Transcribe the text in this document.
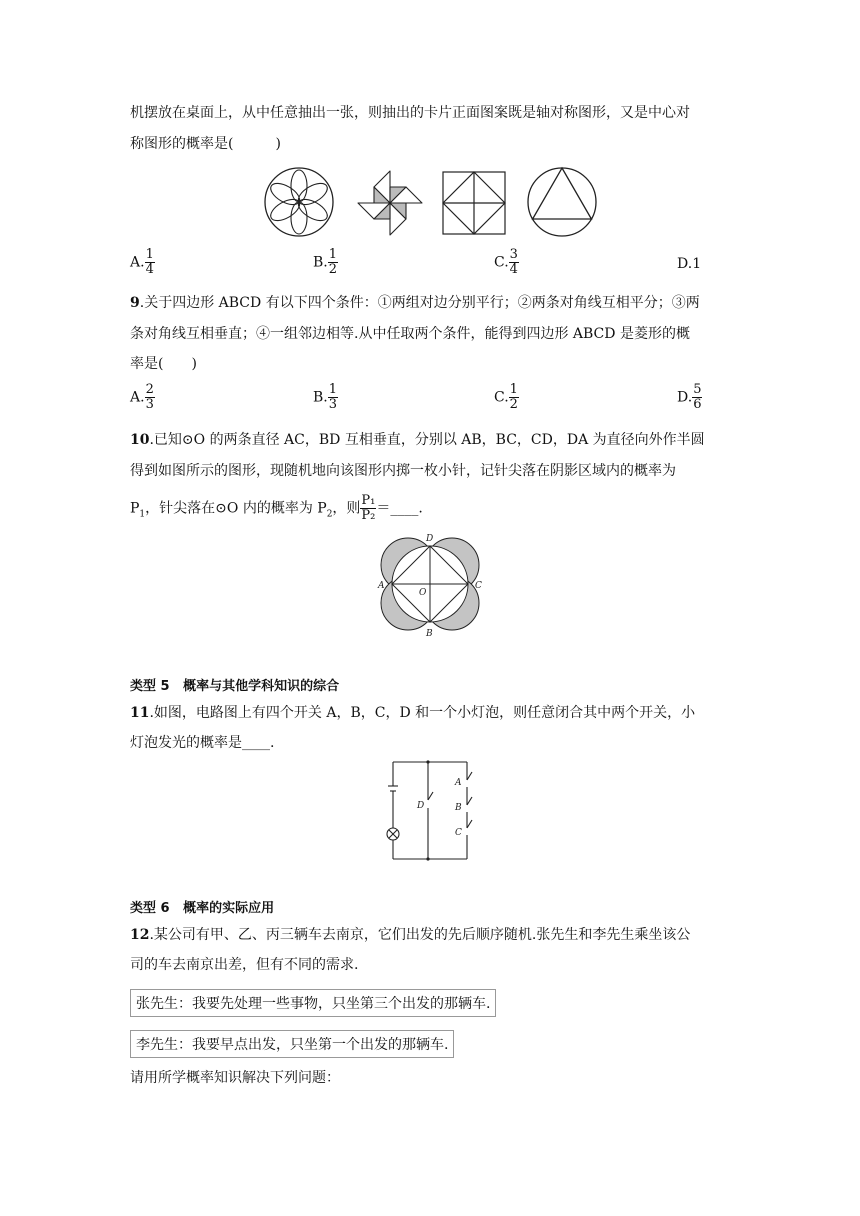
机摆放在桌面上，从中任意抽出一张，则抽出的卡片正面图案既是轴对称图形，又是中心对
称图形的概率是(　　　)
A. $\frac{1}{4}$	B. $\frac{1}{2}$	C. $\frac{3}{4}$	D.1
9.关于四边形 ABCD 有以下四个条件：①两组对边分别平行；②两条对角线互相平分；③两
条对角线互相垂直；④一组邻边相等.从中任取两个条件，能得到四边形 ABCD 是菱形的概
率是(　　)
A. $\frac{2}{3}$	B. $\frac{1}{3}$	C. $\frac{1}{2}$	D. $\frac{5}{6}$
10.已知⊙O 的两条直径 AC，BD 互相垂直，分别以 AB，BC，CD，DA 为直径向外作半圆
得到如图所示的图形，现随机地向该图形内掷一枚小针，记针尖落在阴影区域内的概率为
$P_1$，针尖落在⊙O 内的概率为 $P_2$，则 $\frac{\text{P₁}}{\text{P₂}}$ ＝____.
D
A	C
B
O
类型 5 概率与其他学科知识的综合
11.如图，电路图上有四个开关 A，B，C，D 和一个小灯泡，则任意闭合其中两个开关，小
灯泡发光的概率是____.
A
B
C
D
类型 6 概率的实际应用
12.某公司有甲、乙、丙三辆车去南京，它们出发的先后顺序随机.张先生和李先生乘坐该公
司的车去南京出差，但有不同的需求.
张先生：我要先处理一些事物，只坐第三个出发的那辆车.
李先生：我要早点出发，只坐第一个出发的那辆车.
请用所学概率知识解决下列问题：
